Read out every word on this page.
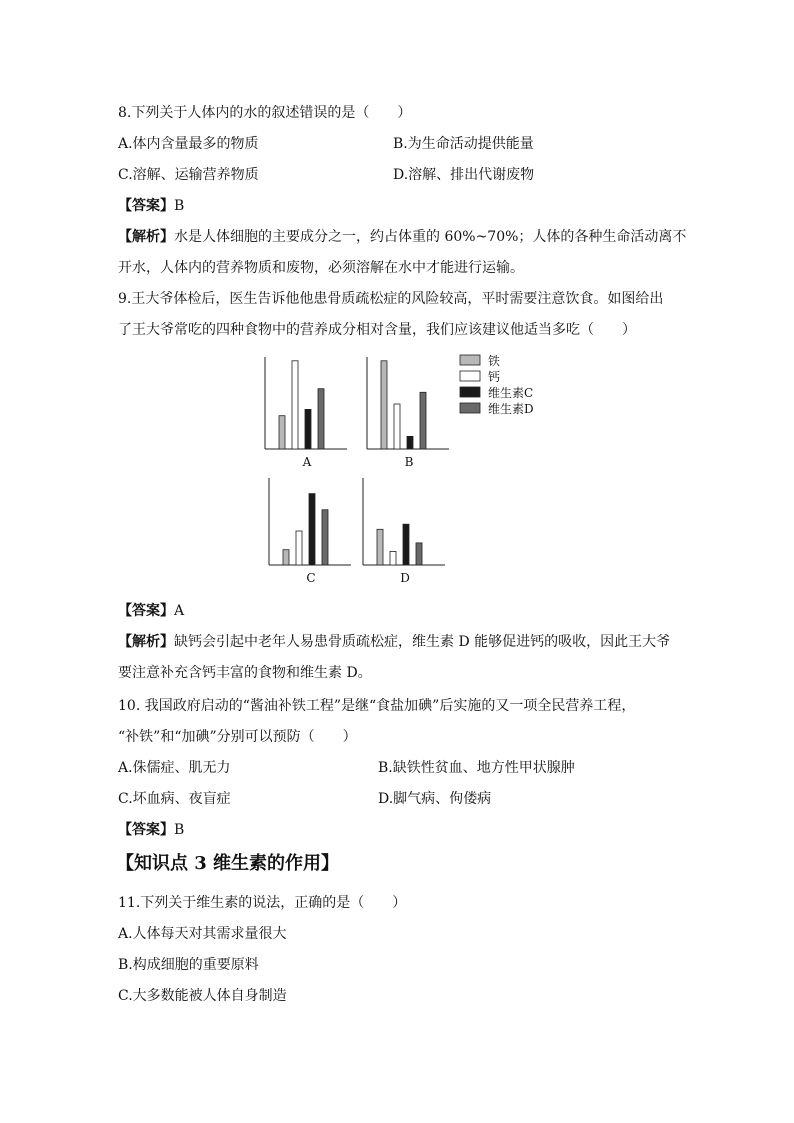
8.下列关于人体内的水的叙述错误的是（　　）
A.体内含量最多的物质	B.为生命活动提供能量
C.溶解、运输营养物质	D.溶解、排出代谢废物
【答案】B
【解析】水是人体细胞的主要成分之一，约占体重的 60%~70%；人体的各种生命活动离不
开水，人体内的营养物质和废物，必须溶解在水中才能进行运输。
9.王大爷体检后，医生告诉他他患骨质疏松症的风险较高，平时需要注意饮食。如图给出
了王大爷常吃的四种食物中的营养成分相对含量，我们应该建议他适当多吃（　　）
A	B
C	D
铁
钙
维生素C
维生素D
【答案】A
【解析】缺钙会引起中老年人易患骨质疏松症，维生素 D 能够促进钙的吸收，因此王大爷
要注意补充含钙丰富的食物和维生素 D。
10. 我国政府启动的“酱油补铁工程”是继“食盐加碘”后实施的又一项全民营养工程，
“补铁”和“加碘”分别可以预防（　　）
A.侏儒症、肌无力	B.缺铁性贫血、地方性甲状腺肿
C.坏血病、夜盲症	D.脚气病、佝偻病
【答案】B
【知识点 3 维生素的作用】
11.下列关于维生素的说法，正确的是（　　）
A.人体每天对其需求量很大
B.构成细胞的重要原料
C.大多数能被人体自身制造
